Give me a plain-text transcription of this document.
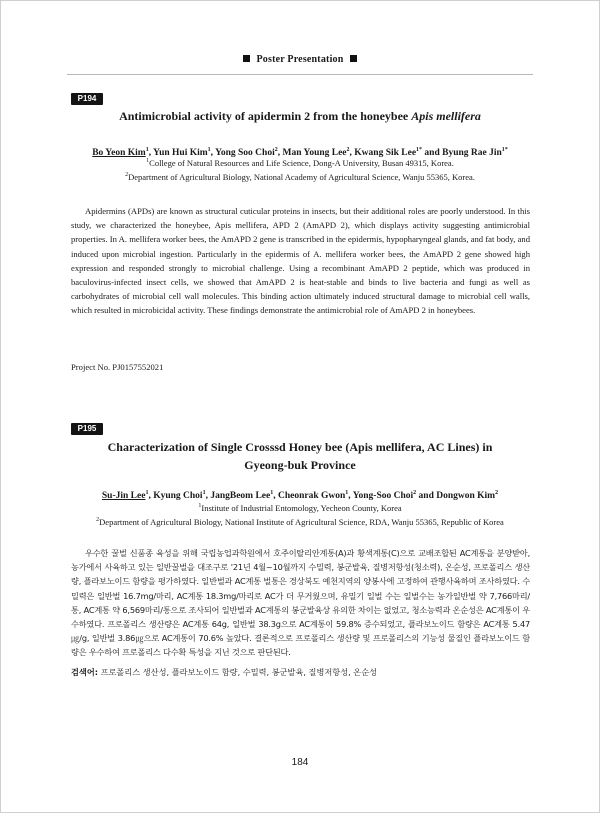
Poster Presentation
P194
Antimicrobial activity of apidermin 2 from the honeybee Apis mellifera
Bo Yeon Kim$^1$, Yun Hui Kim$^1$, Yong Soo Choi$^2$, Man Young Lee$^2$, Kwang Sik Lee$^{1*}$ and Byung Rae Jin$^{1*}$
$^1$College of Natural Resources and Life Science, Dong-A University, Busan 49315, Korea.
$^2$Department of Agricultural Biology, National Academy of Agricultural Science, Wanju 55365, Korea.
Apidermins (APDs) are known as structural cuticular proteins in insects, but their additional roles are poorly understood. In this study, we characterized the honeybee, Apis mellifera, APD 2 (AmAPD 2), which displays activity suggesting antimicrobial properties. In A. mellifera worker bees, the AmAPD 2 gene is transcribed in the epidermis, hypopharyngeal glands, and fat body, and induced upon microbial ingestion. Particularly in the epidermis of A. mellifera worker bees, the AmAPD 2 gene showed high expression and responded strongly to microbial challenge. Using a recombinant AmAPD 2 peptide, which was produced in baculovirus-infected insect cells, we showed that AmAPD 2 is heat-stable and binds to live bacteria and fungi as well as carbohydrates of microbial cell wall molecules. This binding action ultimately induced structural damage to microbial cell walls, which resulted in microbicidal activity. These findings demonstrate the antimicrobial role of AmAPD 2 in honeybees.
Project No. PJ0157552021
P195
Characterization of Single Crosssd Honey bee (Apis mellifera, AC Lines) in
Gyeong-buk Province
Su-Jin Lee$^1$, Kyung Choi$^1$, JangBeom Lee$^1$, Cheonrak Gwon$^1$, Yong-Soo Choi$^2$ and Dongwon Kim$^2$
$^1$Institute of Industrial Entomology, Yecheon County, Korea
$^2$Department of Agricultural Biology, National Institute of Agricultural Science, RDA, Wanju 55365, Republic of Korea
우수한 꿀벌 신품종 육성을 위해 국립농업과학원에서 호주이탈리안계통(A)과 황색계통(C)으로 교배조합된 AC계통을 분양받아, 농가에서 사육하고 있는 일반꿀벌을 대조구로 '21년 4월~10월까지 수밀력, 봉군발육, 질병저항성(청소력), 온순성, 프로폴리스 생산량, 플라보노이드 함량을 평가하였다. 일반벌과 AC계통 벌통은 경상북도 예천지역의 양봉사에 고정하여 관행사육하며 조사하였다. 수밀력은 일반벌 16.7mg/마리, AC계통 18.3mg/마리로 AC가 더 무거웠으며, 유밀기 일벌 수는 일벌수는 농가일반벌 약 7,766마리/통, AC계통 약 6,569마리/통으로 조사되어 일반벌과 AC계통의 봉군발육상 유의한 차이는 없었고, 청소능력과 온순성은 AC계통이 우수하였다. 프로폴리스 생산량은 AC계통 64g, 일반벌 38.3g으로 AC계통이 59.8% 증수되었고, 플라보노이드 함량은 AC계통 5.47㎍/g, 일반벌 3.86㎍으로 AC계통이 70.6% 높았다. 결론적으로 프로폴리스 생산량 및 프로폴리스의 기능성 물질인 플라보노이드 함량은 우수하여 프로폴리스 다수확 특성을 지닌 것으로 판단된다.
검색어: 프로폴리스 생산성, 플라보노이드 함량, 수밀력, 봉군발육, 질병저항성, 온순성
184
